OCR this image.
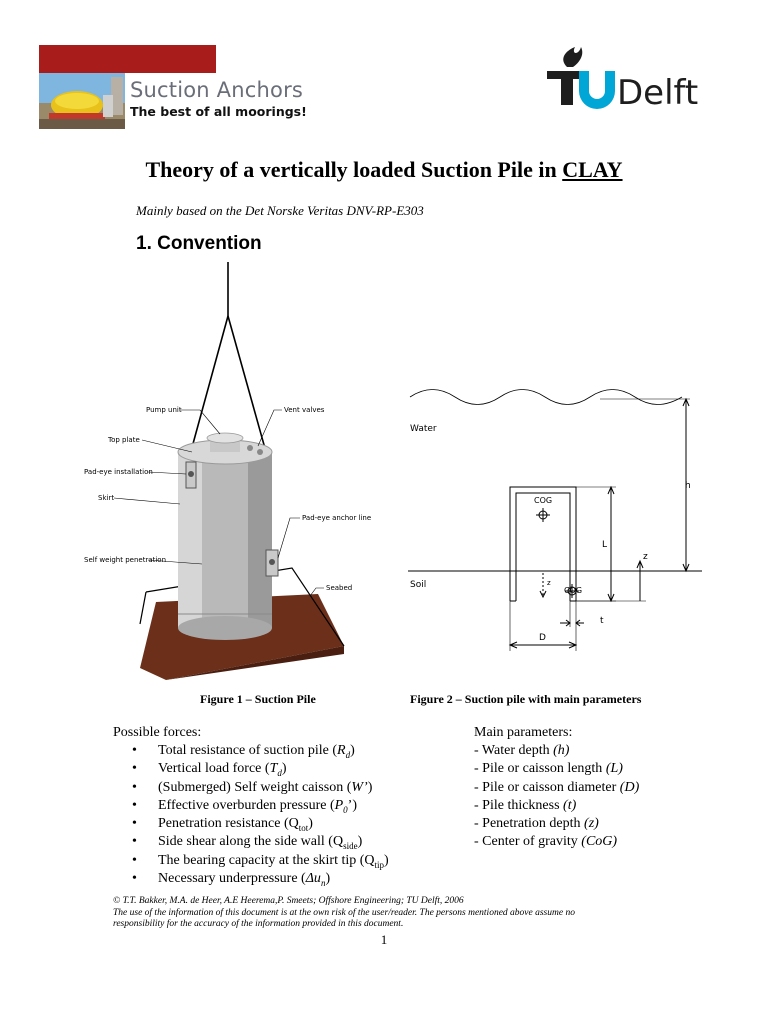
Suction Anchors
The best of all moorings!	Delft
Theory of a vertically loaded Suction Pile in CLAY
Mainly based on the Det Norske Veritas DNV-RP-E303
1. Convention
Pump unit	Vent valves
Top plate
Pad-eye installation
Skirt
Pad-eye anchor line
Self weight penetration
Seabed
Water
Soil
COG
COG
h
L
z
z
t
D
Figure 1 – Suction Pile	Figure 2 – Suction pile with main parameters
Possible forces:
• Total resistance of suction pile $(R_d)$
• Vertical load force $(T_d)$
• (Submerged) Self weight caisson (W’)
• Effective overburden pressure $(P_0’)$
• Penetration resistance $(Q_{tot})$
• Side shear along the side wall $(Q_{side})$
• The bearing capacity at the skirt tip $(Q_{tip})$
• Necessary underpressure $(\Delta u_n)$
Main parameters:
- Water depth (h)
- Pile or caisson length (L)
- Pile or caisson diameter (D)
- Pile thickness (t)
- Penetration depth (z)
- Center of gravity (CoG)
© T.T. Bakker, M.A. de Heer, A.E Heerema,P. Smeets; Offshore Engineering; TU Delft, 2006
The use of the information of this document is at the own risk of the user/reader. The persons mentioned above assume no
responsibility for the accuracy of the information provided in this document.
1
